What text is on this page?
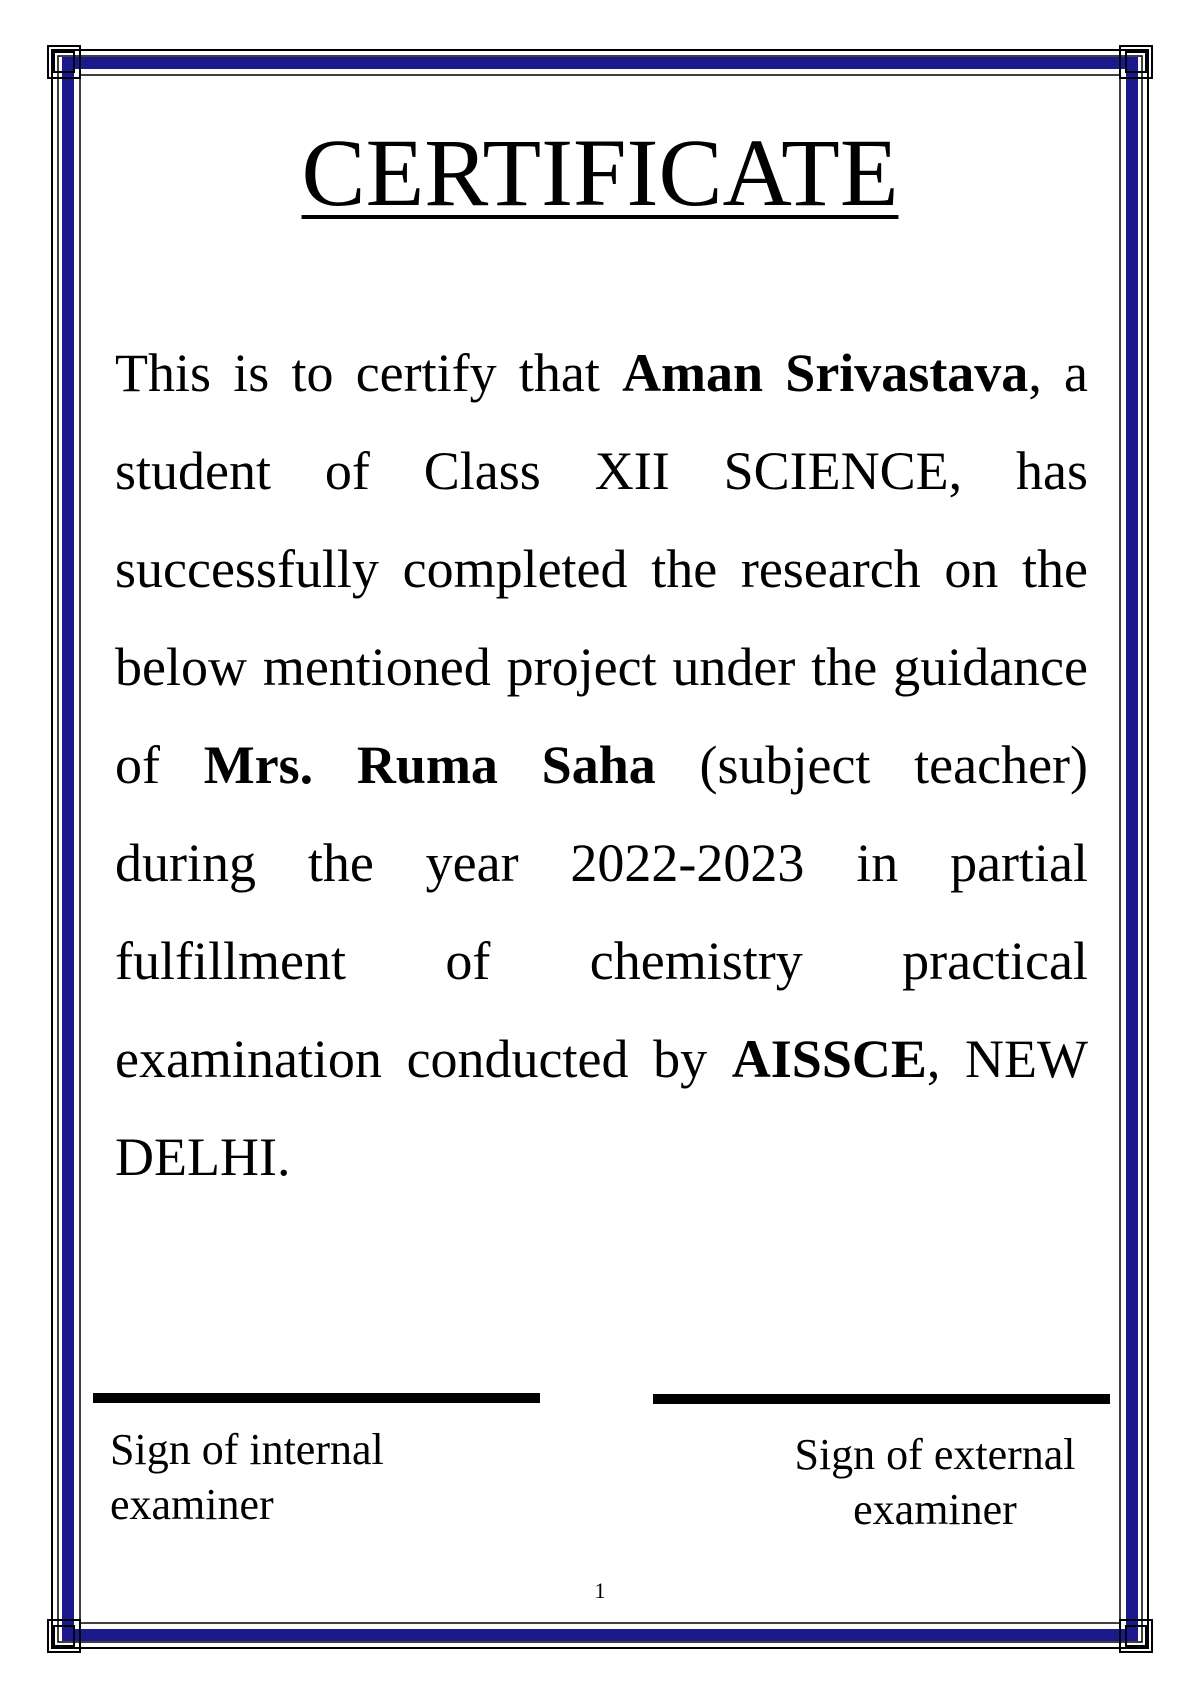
CERTIFICATE

This is to certify that Aman Srivastava, a student of Class XII SCIENCE, has successfully completed the research on the below mentioned project under the guidance of Mrs. Ruma Saha (subject teacher) during the year 2022-2023 in partial fulfillment of chemistry practical examination conducted by AISSCE, NEW DELHI.

Sign of internal
examiner
Sign of external
examiner
1
